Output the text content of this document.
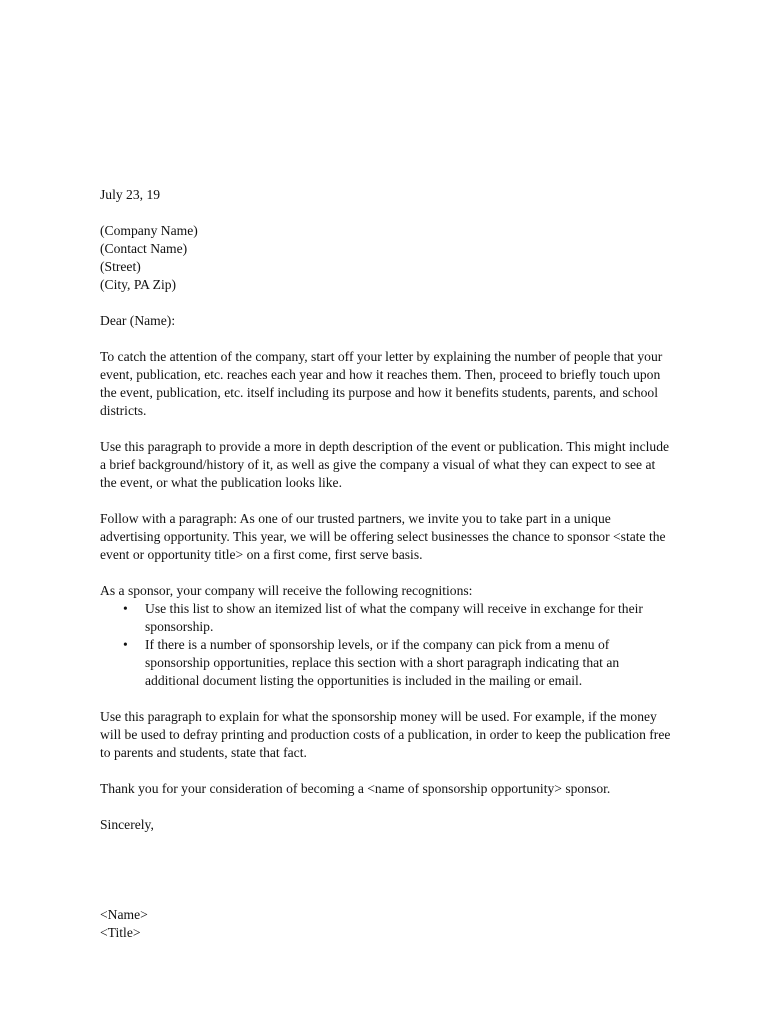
July 23, 19

(Company Name)
(Contact Name)
(Street)
(City, PA Zip)

Dear (Name):

To catch the attention of the company, start off your letter by explaining the number of people that your event, publication, etc. reaches each year and how it reaches them. Then, proceed to briefly touch upon the event, publication, etc. itself including its purpose and how it benefits students, parents, and school districts.

Use this paragraph to provide a more in depth description of the event or publication. This might include a brief background/history of it, as well as give the company a visual of what they can expect to see at the event, or what the publication looks like.

Follow with a paragraph: As one of our trusted partners, we invite you to take part in a unique advertising opportunity. This year, we will be offering select businesses the chance to sponsor <state the event or opportunity title> on a first come, first serve basis.

As a sponsor, your company will receive the following recognitions:
• Use this list to show an itemized list of what the company will receive in exchange for their sponsorship.
• If there is a number of sponsorship levels, or if the company can pick from a menu of sponsorship opportunities, replace this section with a short paragraph indicating that an additional document listing the opportunities is included in the mailing or email.

Use this paragraph to explain for what the sponsorship money will be used. For example, if the money will be used to defray printing and production costs of a publication, in order to keep the publication free to parents and students, state that fact.

Thank you for your consideration of becoming a <name of sponsorship opportunity> sponsor.

Sincerely,

<Name>
<Title>
